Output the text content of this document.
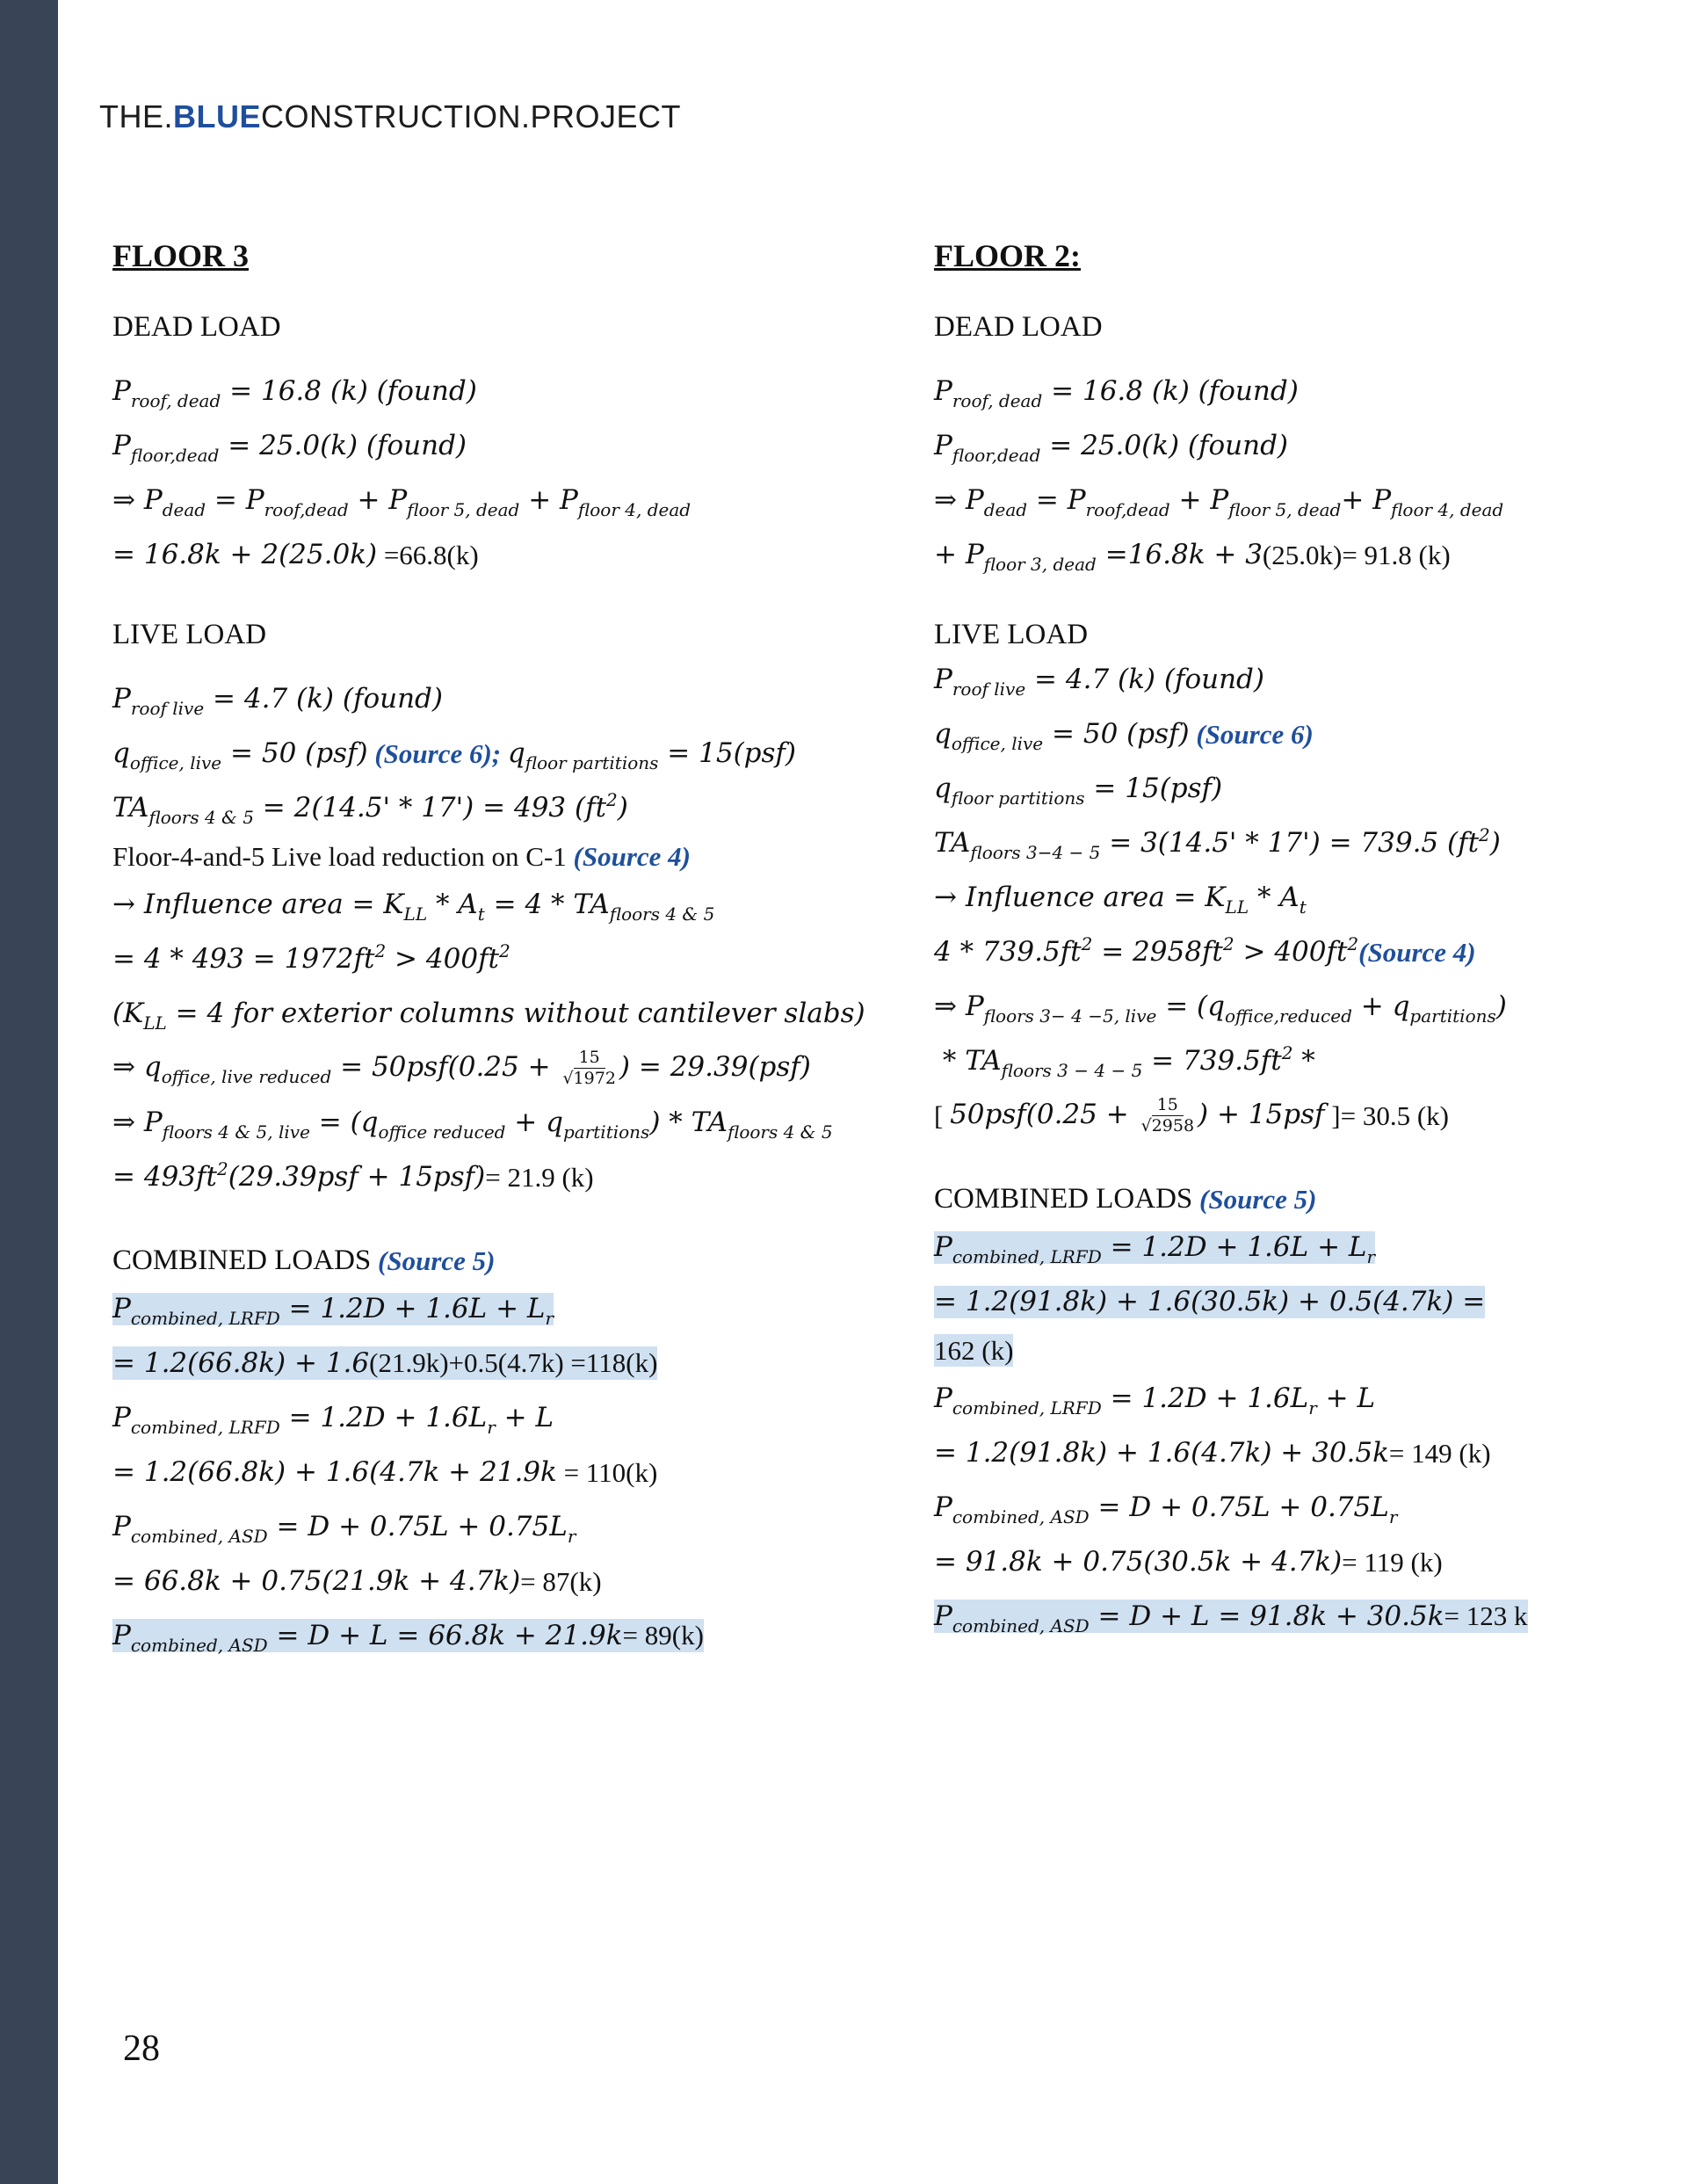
THE.BLUECONSTRUCTION.PROJECT

FLOOR 3

DEAD LOAD

$P_{roof, dead} = 16.8$ (k) (found)
$P_{floor,dead} = 25.0(k)$ (found)
⇒ $P_{dead} = P_{roof,dead} + P_{floor 5, dead} + P_{floor 4, dead}$
= 16.8k + 2(25.0k)
=66.8(k)

LIVE LOAD

$P_{roof live} = 4.7$ (k) (found)
$q_{office, live} = 50$ (psf)
(Source 6);
$q_{floor partitions} = 15(psf)$
$TA_{floors 4 \& 5} = 2(14.5' * 17') = 493$ $(ft^2)$
Floor-4-and-5 Live load reduction on C-1
(Source 4)
→ Influence area = $K_{LL} * A_t = 4 * TA_{floors 4 \& 5}$
= $4 * 493 = 1972ft^2 > 400ft^2$
($K_{LL} = 4$ for exterior columns without cantilever slabs)
⇒ $q_{office, live reduced} = 50psf(0.25 + \frac{15}{√1972}$ ) = 29.39(psf)
⇒ $P_{floors 4 \& 5, live} = (q_{office reduced} + q_{partitions}) * TA_{floors 4 \& 5}$
= $493ft^2(29.39psf + 15psf) = 21.9$ (k)
COMBINED LOADS
(Source 5)
$P_{combined, LRFD} = 1.2D + 1.6L + L_r$
= 1.2(66.8k) + 1.6(21.9k)+0.5(4.7k) =118(k)
$P_{combined, LRFD} = 1.2D + 1.6L_r + L$
= 1.2(66.8k) + 1.6(4.7k + 21.9k
= 110(k)
$P_{combined, ASD} = D + 0.75L + 0.75L_r$
= 66.8k + 0.75(21.9k + 4.7k) = 87(k)
$P_{combined, ASD} = D + L = 66.8k + 21.9k= 89(k)$

FLOOR 2:

DEAD LOAD

$P_{roof, dead} = 16.8$ (k) (found)
$P_{floor,dead} = 25.0(k)$ (found)
⇒ $P_{dead} = P_{roof,dead} + P_{floor 5, dead}+ P_{floor 4, dead}$
+ $P_{floor 3, dead} =16.8k + 3$ (25.0k)= 91.8 (k)

LIVE LOAD

$P_{roof live} = 4.7$ (k) (found)
$q_{office, live} = 50$ (psf)
(Source 6)
$q_{floor partitions} = 15(psf)$
$TA_{floors 3-4 - 5} = 3(14.5' * 17') = 739.5$ $(ft^2)$
→ Influence area = $K_{LL} * A_t$
$4 * 739.5ft^2 = 2958ft^2 > 400ft^2$ (Source 4)
⇒ $P_{floors 3- 4 -5, live} = (q_{office,reduced} + q_{partitions})$
* $TA_{floors 3 - 4 - 5} = 739.5ft^2$ *
[
$50psf(0.25 + \frac{15}{√2958}$ ) + 15psf
]= 30.5 (k)
COMBINED LOADS
(Source 5)
$P_{combined, LRFD} = 1.2D + 1.6L + L_r$
= 1.2(91.8k) + 1.6(30.5k) + 0.5(4.7k) =
162 (k)
$P_{combined, LRFD} = 1.2D + 1.6L_r + L$
= 1.2(91.8k) + 1.6(4.7k) + 30.5k = 149 (k)
$P_{combined, ASD} = D + 0.75L + 0.75L_r$
= 91.8k + 0.75(30.5k + 4.7k) = 119 (k)
$P_{combined, ASD} = D + L = 91.8k + 30.5k= 123$ k
28
